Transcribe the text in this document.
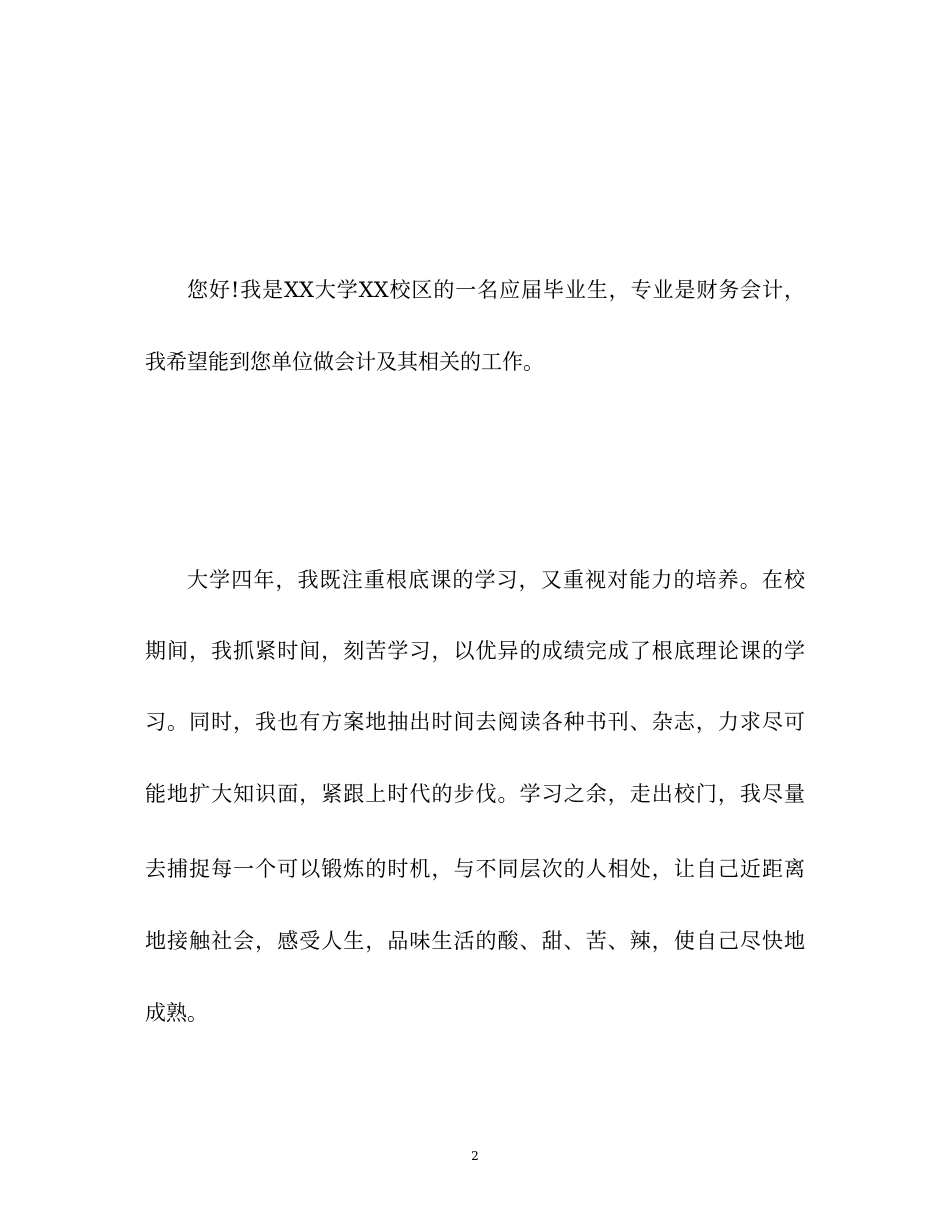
您好!我是XX大学XX校区的一名应届毕业生，专业是财务会计，

我希望能到您单位做会计及其相关的工作。

大学四年，我既注重根底课的学习，又重视对能力的培养。在校

期间，我抓紧时间，刻苦学习，以优异的成绩完成了根底理论课的学

习。同时，我也有方案地抽出时间去阅读各种书刊、杂志，力求尽可

能地扩大知识面，紧跟上时代的步伐。学习之余，走出校门，我尽量

去捕捉每一个可以锻炼的时机，与不同层次的人相处，让自己近距离

地接触社会，感受人生，品味生活的酸、甜、苦、辣，使自己尽快地

成熟。

2
